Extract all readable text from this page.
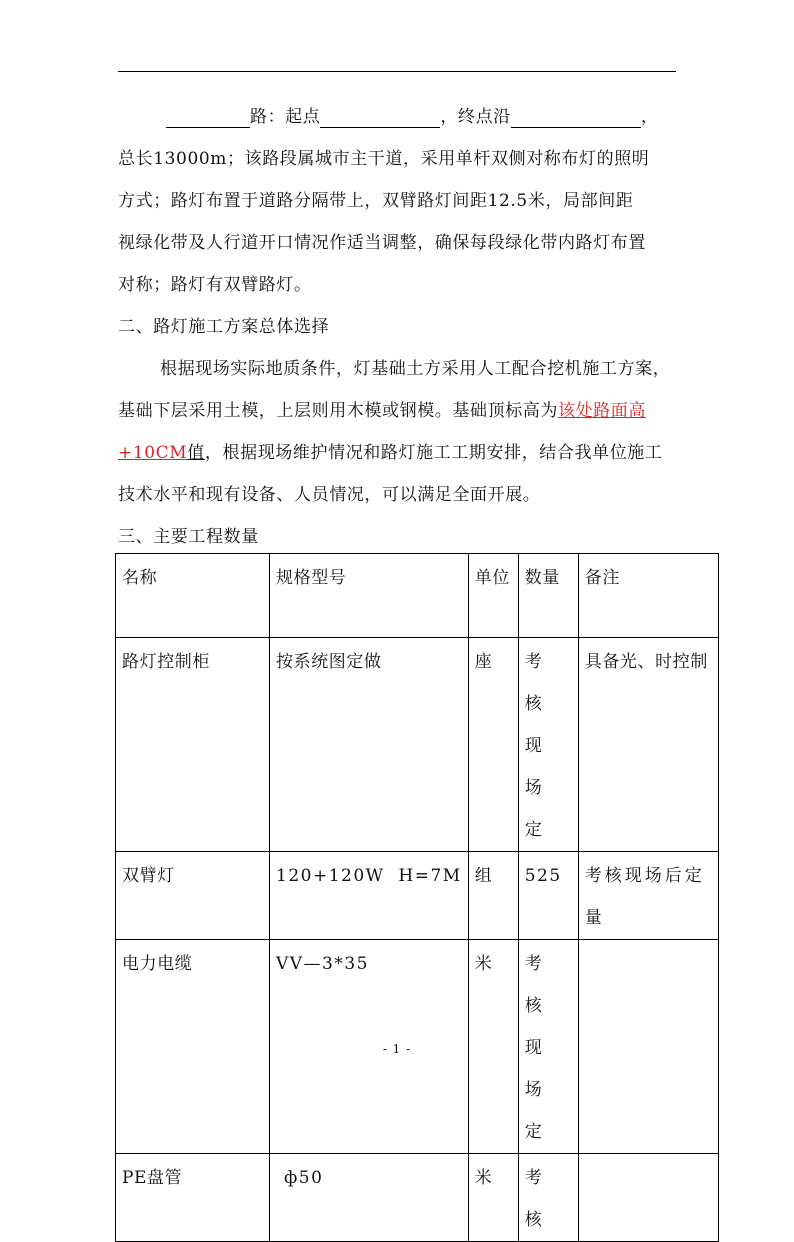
路：起点	，终点沿	，
总长13000m；该路段属城市主干道，采用单杆双侧对称布灯的照明
方式；路灯布置于道路分隔带上，双臂路灯间距12.5米，局部间距
视绿化带及人行道开口情况作适当调整，确保每段绿化带内路灯布置
对称；路灯有双臂路灯。
二、路灯施工方案总体选择
根据现场实际地质条件，灯基础土方采用人工配合挖机施工方案，
基础下层采用土模，上层则用木模或钢模。基础顶标高为该处路面高
+10CM值，根据现场维护情况和路灯施工工期安排，结合我单位施工
技术水平和现有设备、人员情况，可以满足全面开展。
三、主要工程数量
名称	规格型号	单位	数量	备注
路灯控制柜	按系统图定做	座	考核现场定	具备光、时控制
双臂灯	120+120W  H=7M	组	525	考核现场后定量
电力电缆	VV—3*35	米	考核现场定	
PE盘管	ф50	米	考核	
- 1 -
